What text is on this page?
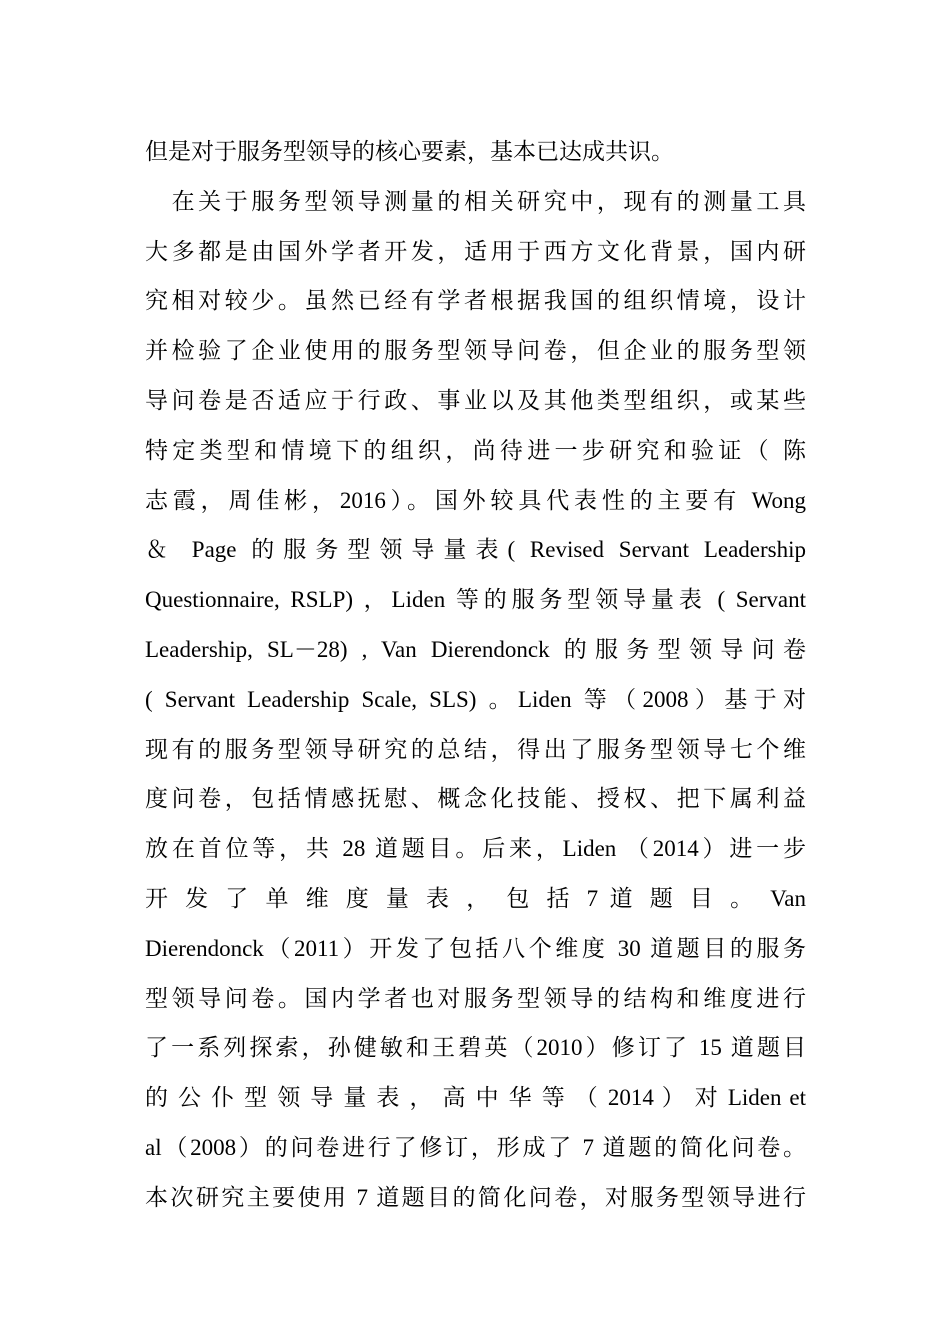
但是对于服务型领导的核心要素，基本已达成共识。
　在关于服务型领导测量的相关研究中，现有的测量工具
大多都是由国外学者开发，适用于西方文化背景，国内研
究相对较少。虽然已经有学者根据我国的组织情境，设计
并检验了企业使用的服务型领导问卷，但企业的服务型领
导问卷是否适应于行政、事业以及其他类型组织，或某些
特定类型和情境下的组织，尚待进一步研究和验证（ 陈
志霞，周佳彬，2016）。国外较具代表性的主要有 Wong
＆ Page 的服务型领导量表( Revised Servant Leadership
Questionnaire, RSLP) ，Liden 等的服务型领导量表 ( Servant
Leadership, SL－28) , Van Dierendonck 的服务型领导问卷
( Servant Leadership Scale, SLS) 。Liden 等（2008）基于对
现有的服务型领导研究的总结，得出了服务型领导七个维
度问卷，包括情感抚慰、概念化技能、授权、把下属利益
放在首位等，共 28 道题目。后来，Liden （2014）进一步
开 发 了 单 维 度 量 表 ， 包 括 7 道 题 目 。 Van
Dierendonck（2011）开发了包括八个维度 30 道题目的服务
型领导问卷。国内学者也对服务型领导的结构和维度进行
了一系列探索，孙健敏和王碧英（2010）修订了 15 道题目
的 公 仆 型 领 导 量 表 ， 高 中 华 等 （ 2014 ） 对 Liden et
al（2008）的问卷进行了修订，形成了 7 道题的简化问卷。
本次研究主要使用 7 道题目的简化问卷，对服务型领导进行
